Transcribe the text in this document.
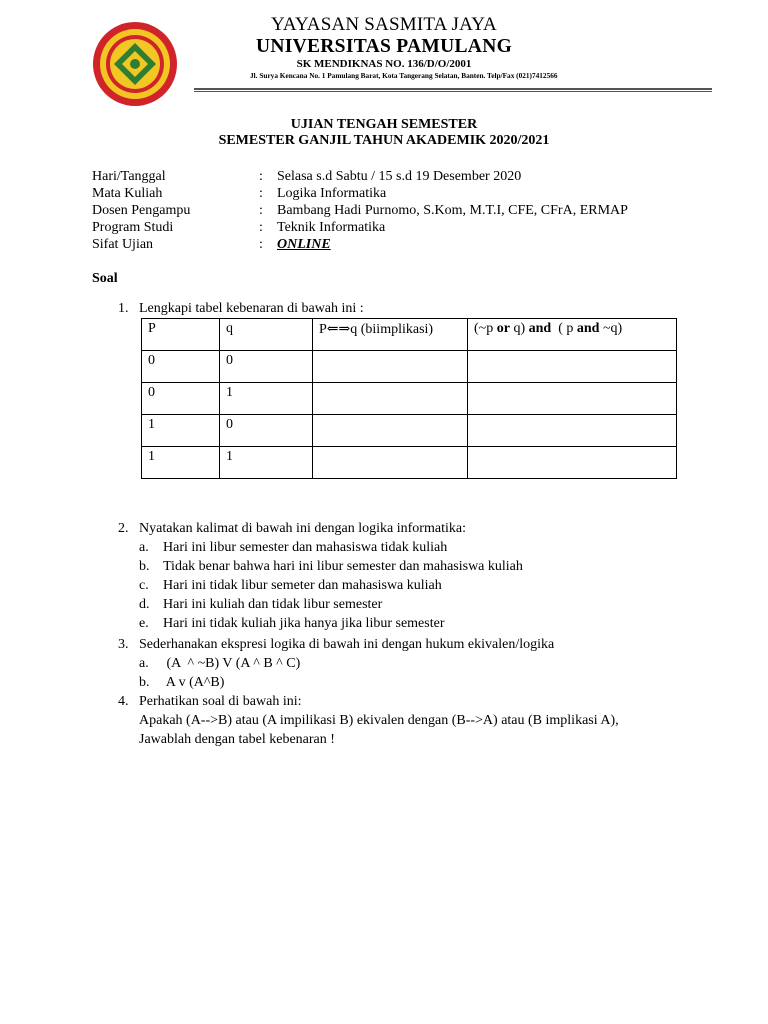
YAYASAN SASMITA JAYA
UNIVERSITAS PAMULANG
SK MENDIKNAS NO. 136/D/O/2001
Jl. Surya Kencana No. 1 Pamulang Barat, Kota Tangerang Selatan, Banten. Telp/Fax (021)7412566
UJIAN TENGAH SEMESTER
SEMESTER GANJIL TAHUN AKADEMIK 2020/2021
Hari/Tanggal	:	Selasa s.d Sabtu / 15 s.d 19 Desember 2020
Mata Kuliah	:	Logika Informatika
Dosen Pengampu	:	Bambang Hadi Purnomo, S.Kom, M.T.I, CFE, CFrA, ERMAP
Program Studi	:	Teknik Informatika
Sifat Ujian	:	ONLINE
Soal
1. Lengkapi tabel kebenaran di bawah ini :
P	q	P⇐⇒q (biimplikasi)	(~p or q) and  ( p and ~q)
0	0		
0	1		
1	0		
1	1		
2. Nyatakan kalimat di bawah ini dengan logika informatika:
a. Hari ini libur semester dan mahasiswa tidak kuliah
b. Tidak benar bahwa hari ini libur semester dan mahasiswa kuliah
c. Hari ini tidak libur semeter dan mahasiswa kuliah
d. Hari ini kuliah dan tidak libur semester
e. Hari ini tidak kuliah jika hanya jika libur semester
3. Sederhanakan ekspresi logika di bawah ini dengan hukum ekivalen/logika
a. (A  ^ ~B) V (A ^ B ^ C)
b. A v (A^B)
4. Perhatikan soal di bawah ini:
Apakah (A-->B) atau (A impilikasi B) ekivalen dengan (B-->A) atau (B implikasi A),
Jawablah dengan tabel kebenaran !
